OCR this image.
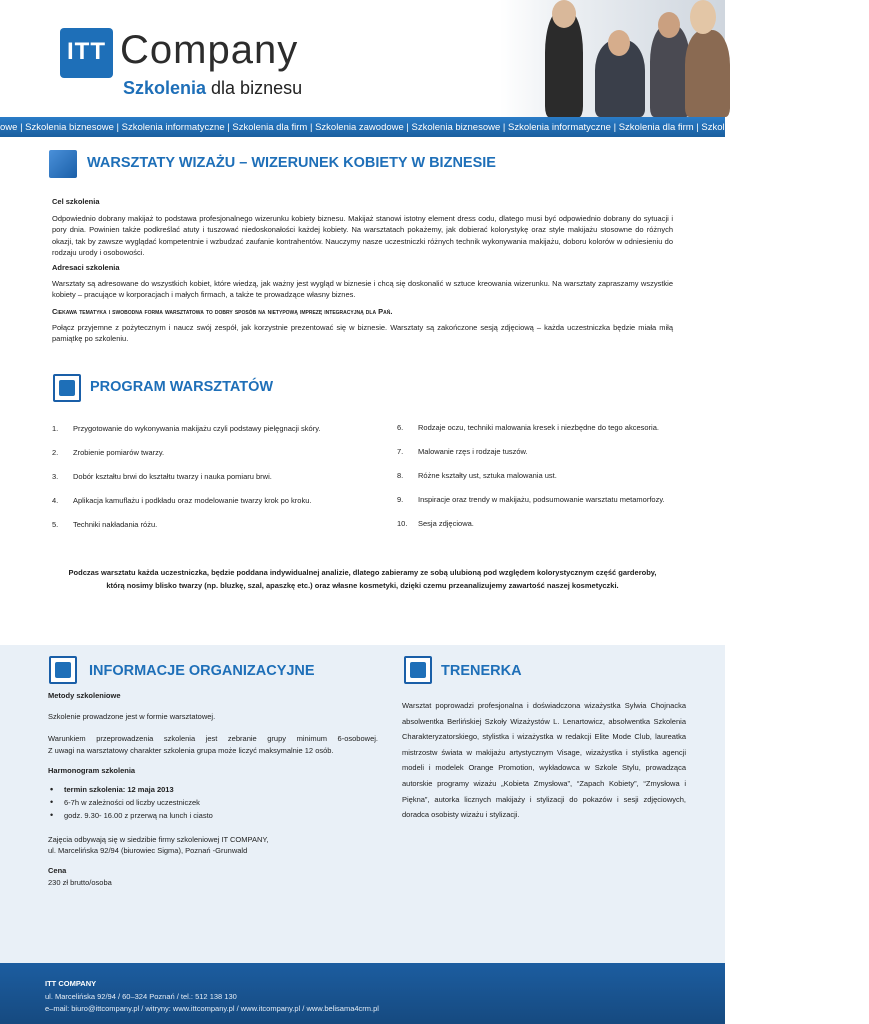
ITT Company
Szkolenia dla biznesu
owe | Szkolenia biznesowe | Szkolenia informatyczne | Szkolenia dla firm | Szkolenia zawodowe | Szkolenia biznesowe | Szkolenia informatyczne | Szkolenia dla firm | Szkolenia zawodowe | Szkolenia biznes
WARSZTATY WIZAŻU – WIZERUNEK KOBIETY W BIZNESIE
Cel szkolenia
Odpowiednio dobrany makijaż to podstawa profesjonalnego wizerunku kobiety biznesu. Makijaż stanowi istotny element dress codu, dlatego musi być odpowiednio dobrany do sytuacji i pory dnia. Powinien także podkreślać atuty i tuszować niedoskonałości każdej kobiety. Na warsztatach pokażemy, jak dobierać kolorystykę oraz style makijażu stosowne do różnych okazji, tak by zawsze wyglądać kompetentnie i wzbudzać zaufanie kontrahentów. Nauczymy nasze uczestniczki różnych technik wykonywania makijażu, doboru kolorów w odniesieniu do rodzaju urody i osobowości.
Adresaci szkolenia
Warsztaty są adresowane do wszystkich kobiet, które wiedzą, jak ważny jest wygląd w biznesie i chcą się doskonalić w sztuce kreowania wizerunku. Na warsztaty zapraszamy wszystkie kobiety – pracujące w korporacjach i małych firmach, a także te prowadzące własny biznes.
Ciekawa tematyka i swobodna forma warsztatowa to dobry sposób na nietypową imprezę integracyjną dla Pań.
Połącz przyjemne z pożytecznym i naucz swój zespół, jak korzystnie prezentować się w biznesie. Warsztaty są zakończone sesją zdjęciową – każda uczestniczka będzie miała miłą pamiątkę po szkoleniu.
PROGRAM WARSZTATÓW
1. Przygotowanie do wykonywania makijażu czyli podstawy pielęgnacji skóry.
2. Zrobienie pomiarów twarzy.
3. Dobór kształtu brwi do kształtu twarzy i nauka pomiaru brwi.
4. Aplikacja kamuflażu i podkładu oraz modelowanie twarzy krok po kroku.
5. Techniki nakładania różu.
6. Rodzaje oczu, techniki malowania kresek i niezbędne do tego akcesoria.
7. Malowanie rzęs i rodzaje tuszów.
8. Różne kształty ust, sztuka malowania ust.
9. Inspiracje oraz trendy w makijażu, podsumowanie warsztatu metamorfozy.
10. Sesja zdjęciowa.
Podczas warsztatu każda uczestniczka, będzie poddana indywidualnej analizie, dlatego zabieramy ze sobą ulubioną pod względem kolorystycznym część garderoby,
którą nosimy blisko twarzy (np. bluzkę, szal, apaszkę etc.) oraz własne kosmetyki, dzięki czemu przeanalizujemy zawartość naszej kosmetyczki.
INFORMACJE ORGANIZACYJNE	TRENERKA
Metody szkoleniowe
Szkolenie prowadzone jest w formie warsztatowej.
Warunkiem przeprowadzenia szkolenia jest zebranie grupy minimum 6-osobowej.
Z uwagi na warsztatowy charakter szkolenia grupa może liczyć maksymalnie 12 osób.
Harmonogram szkolenia
• termin szkolenia: 12 maja 2013
• 6-7h w zależności od liczby uczestniczek
• godz. 9.30- 16.00 z przerwą na lunch i ciasto
Zajęcia odbywają się w siedzibie firmy szkoleniowej IT COMPANY,
ul. Marcelińska 92/94 (biurowiec Sigma), Poznań -Grunwald
Cena
230 zł brutto/osoba
Warsztat poprowadzi profesjonalna i doświadczona wizażystka Sylwia Chojnacka absolwentka Berlińskiej Szkoły Wizażystów L. Lenartowicz, absolwentka Szkolenia Charakteryzatorskiego, stylistka i wizażystka w redakcji Elite Mode Club, laureatka mistrzostw świata w makijażu artystycznym Visage, wizażystka i stylistka agencji modeli i modelek Orange Promotion, wykładowca w Szkole Stylu, prowadząca autorskie programy wizażu „Kobieta Zmysłowa”, “Zapach Kobiety”, “Zmysłowa i Piękna”, autorka licznych makijaży i stylizacji do pokazów i sesji zdjęciowych, doradca osobisty wizażu i stylizacji.
ITT COMPANY
ul. Marcelińska 92/94 / 60–324 Poznań / tel.: 512 138 130
e–mail: biuro@ittcompany.pl / witryny: www.ittcompany.pl / www.itcompany.pl / www.belisama4crm.pl
